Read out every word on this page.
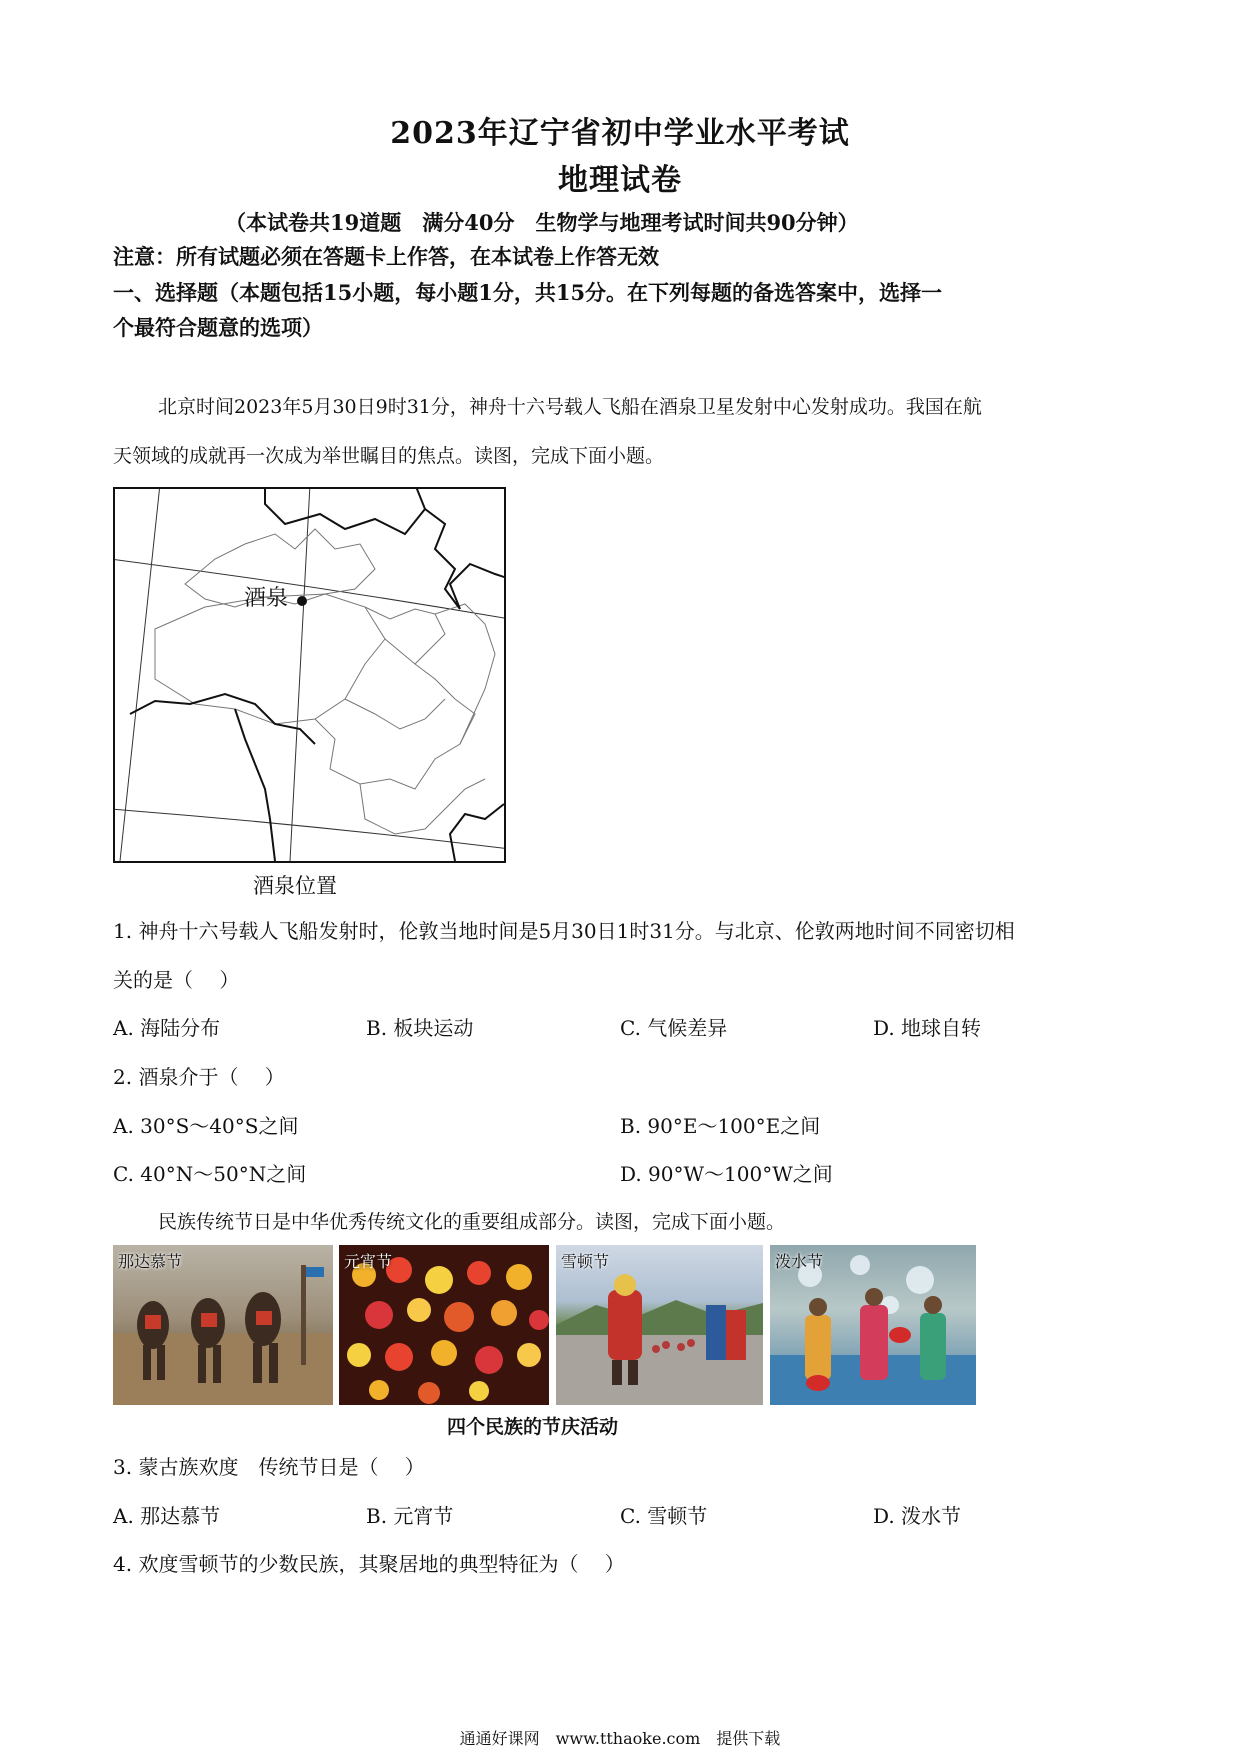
2023年辽宁省初中学业水平考试
地理试卷
（本试卷共19道题　满分40分　生物学与地理考试时间共90分钟）
注意：所有试题必须在答题卡上作答，在本试卷上作答无效
一、选择题（本题包括15小题，每小题1分，共15分。在下列每题的备选答案中，选择一
个最符合题意的选项）
北京时间2023年5月30日9时31分，神舟十六号载人飞船在酒泉卫星发射中心发射成功。我国在航
天领域的成就再一次成为举世瞩目的焦点。读图，完成下面小题。
酒泉
酒泉位置
1. 神舟十六号载人飞船发射时，伦敦当地时间是5月30日1时31分。与北京、伦敦两地时间不同密切相
关的是（　 ）
A. 海陆分布	B. 板块运动	C. 气候差异	D. 地球自转
2. 酒泉介于（　 ）
A. 30°S～40°S之间	B. 90°E～100°E之间
C. 40°N～50°N之间	D. 90°W～100°W之间
民族传统节日是中华优秀传统文化的重要组成部分。读图，完成下面小题。
那达慕节	元宵节	雪顿节	泼水节
四个民族的节庆活动
3. 蒙古族欢度　传统节日是（　 ）
A. 那达慕节	B. 元宵节	C. 雪顿节	D. 泼水节
4. 欢度雪顿节的少数民族，其聚居地的典型特征为（　 ）
通通好课网　www.tthaoke.com　提供下载
